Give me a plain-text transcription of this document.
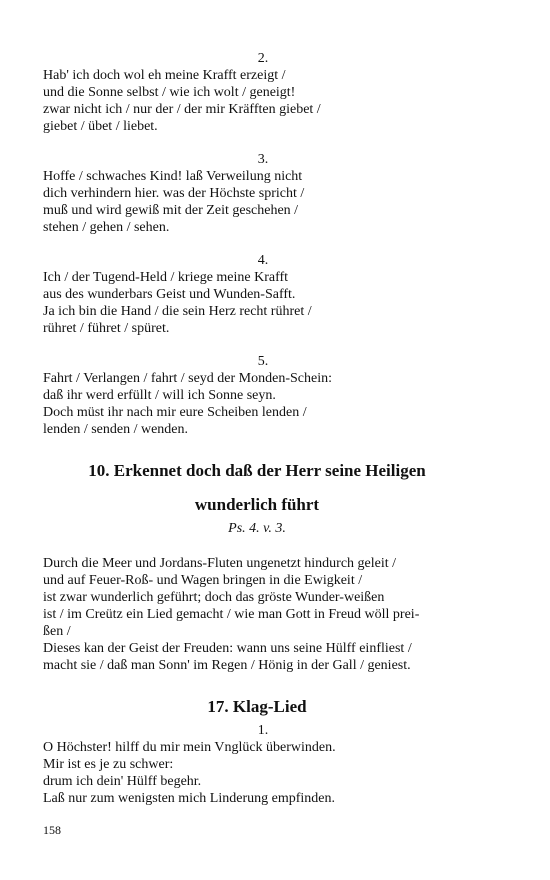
2.
Hab' ich doch wol eh meine Krafft erzeigt /
und die Sonne selbst / wie ich wolt / geneigt!
zwar nicht ich / nur der / der mir Kräfften giebet /
giebet / übet / liebet.
3.
Hoffe / schwaches Kind! laß Verweilung nicht
dich verhindern hier. was der Höchste spricht /
muß und wird gewiß mit der Zeit geschehen /
stehen / gehen / sehen.
4.
Ich / der Tugend-Held / kriege meine Krafft
aus des wunderbars Geist und Wunden-Safft.
Ja ich bin die Hand / die sein Herz recht rühret /
rühret / führet / spüret.
5.
Fahrt / Verlangen / fahrt / seyd der Monden-Schein:
daß ihr werd erfüllt / will ich Sonne seyn.
Doch müst ihr nach mir eure Scheiben lenden /
lenden / senden / wenden.
10. Erkennet doch daß der Herr seine Heiligen
wunderlich führt
Ps. 4. v. 3.
Durch die Meer und Jordans-Fluten ungenetzt hindurch geleit /
und auf Feuer-Roß- und Wagen bringen in die Ewigkeit /
ist zwar wunderlich geführt; doch das gröste Wunder-weißen
ist / im Creütz ein Lied gemacht / wie man Gott in Freud wöll prei-
ßen /
Dieses kan der Geist der Freuden: wann uns seine Hülff einfliest /
macht sie / daß man Sonn' im Regen / Hönig in der Gall / geniest.
17. Klag-Lied
1.
O Höchster! hilff du mir mein Vnglück überwinden.
Mir ist es je zu schwer:
drum ich dein' Hülff begehr.
Laß nur zum wenigsten mich Linderung empfinden.
158
